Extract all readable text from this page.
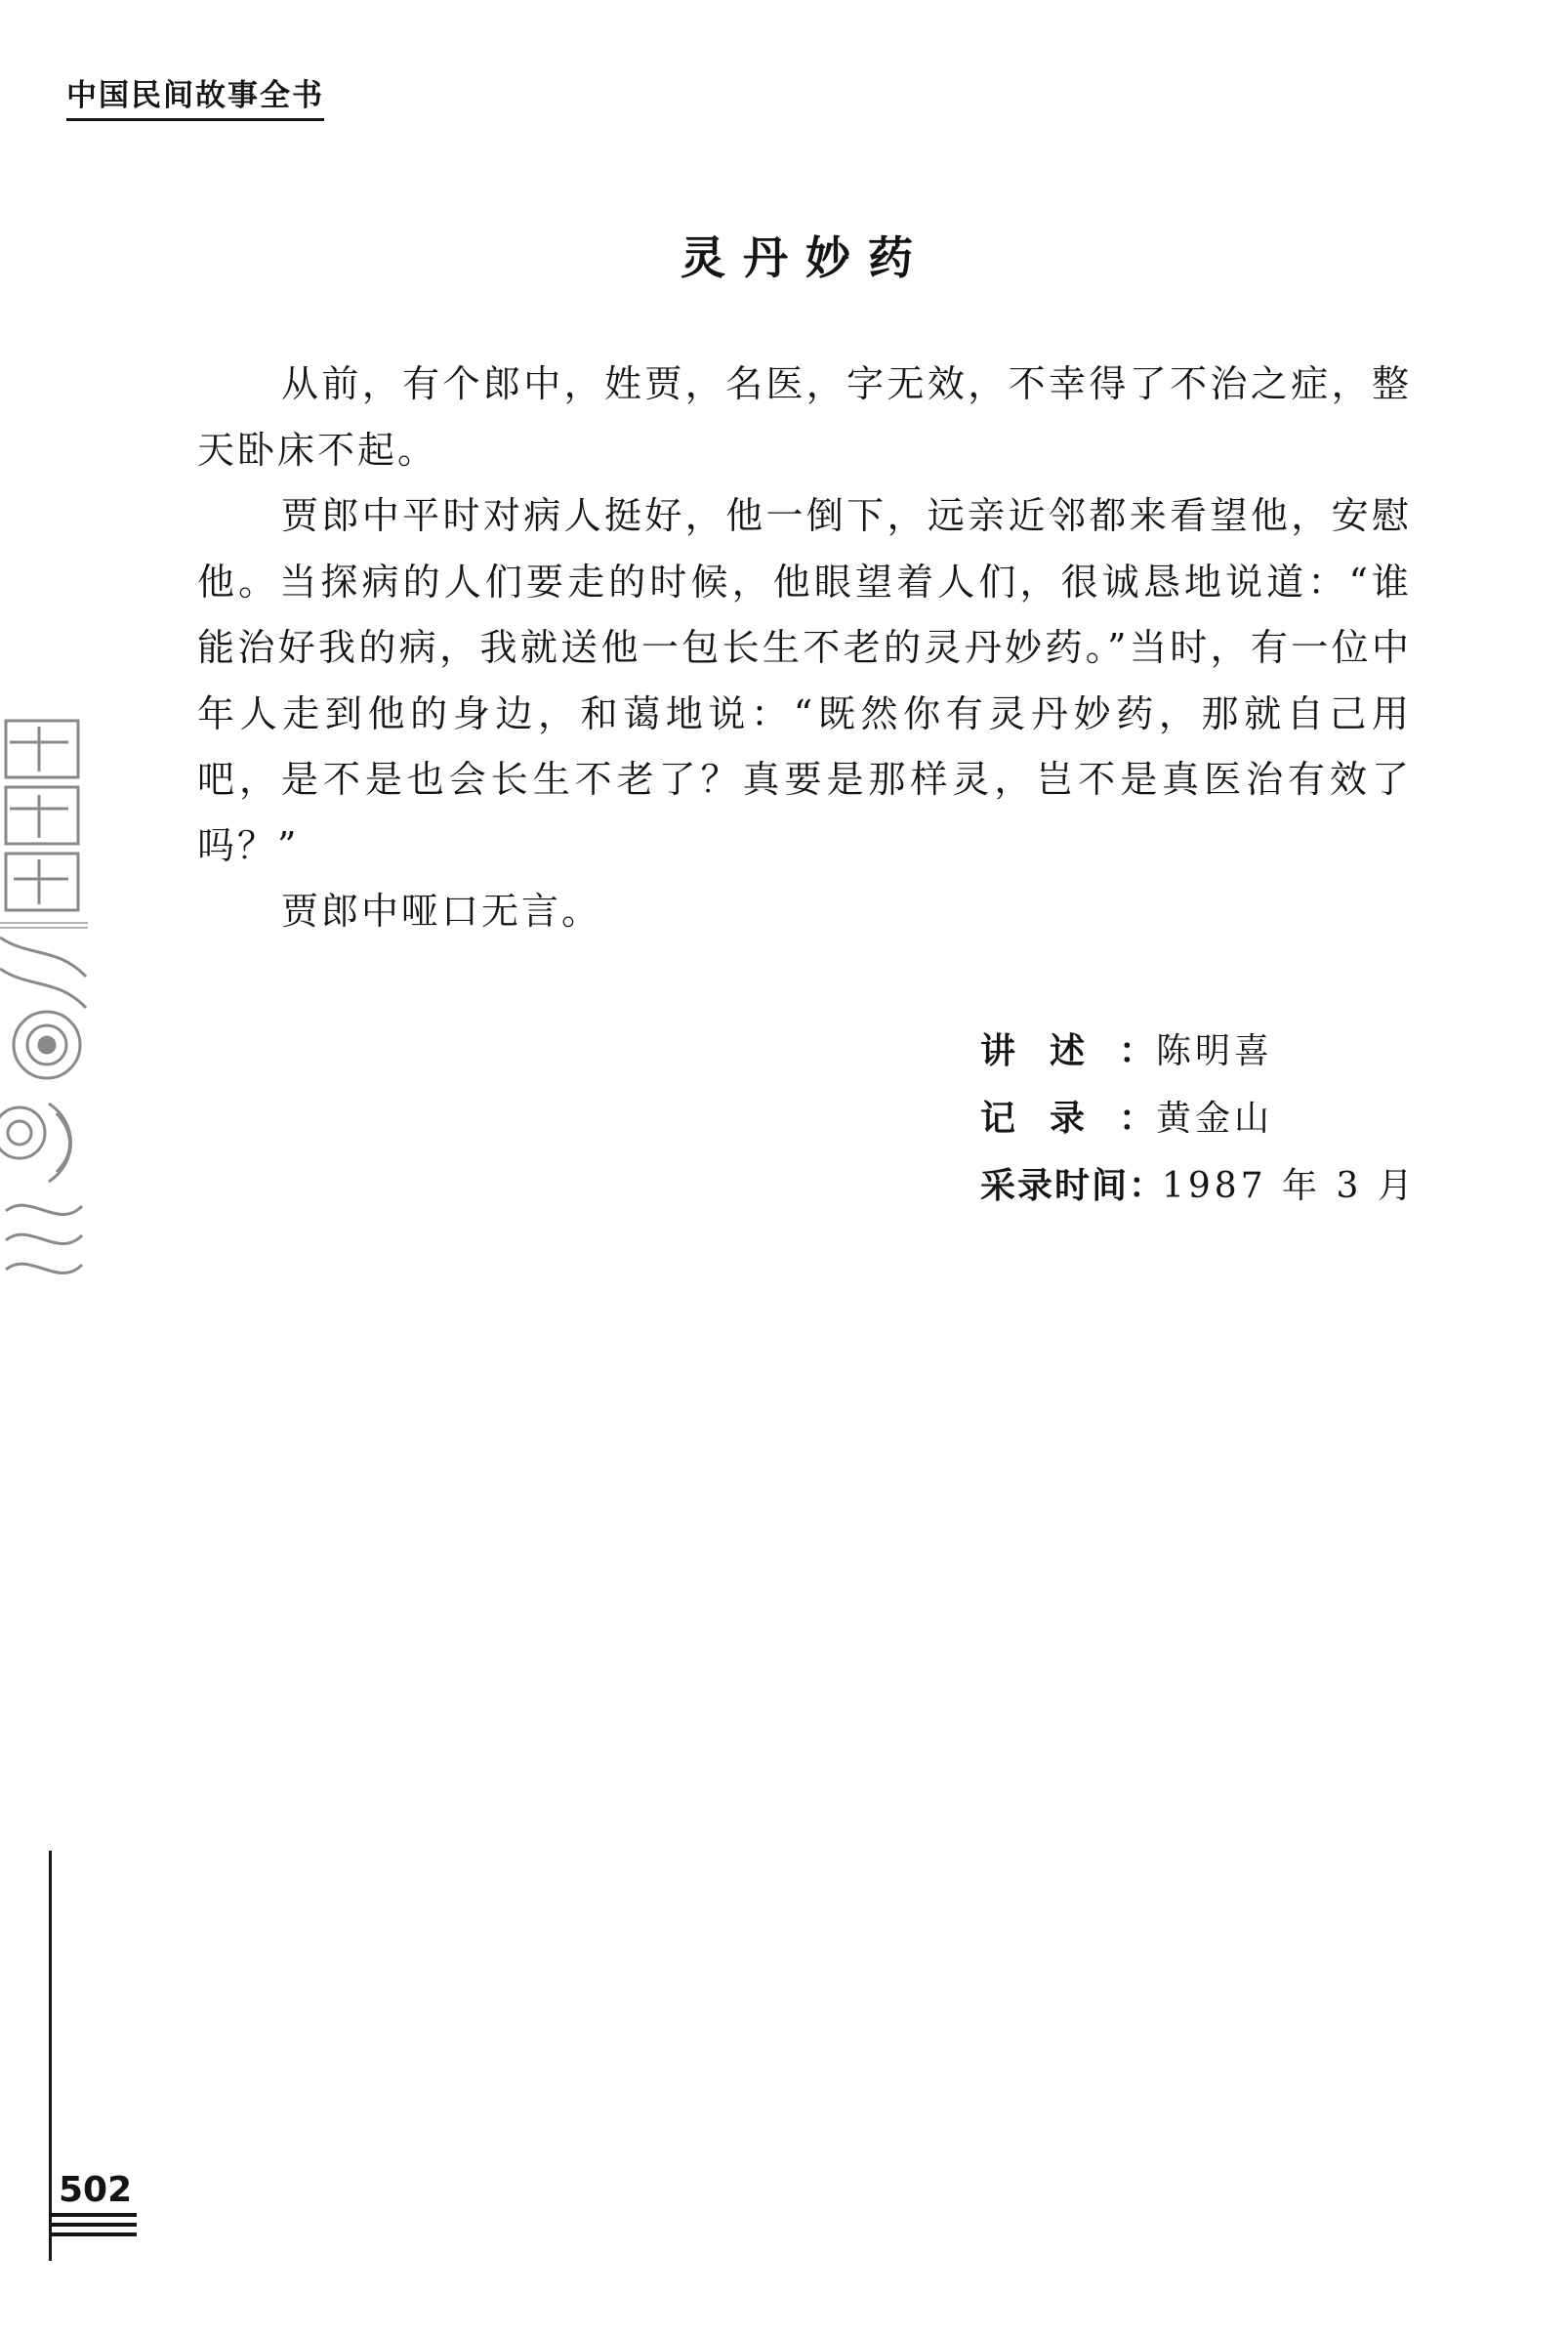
中国民间故事全书
灵丹妙药

从前，有个郎中，姓贾，名医，字无效，不幸得了不治之症，整天卧床不起。

贾郎中平时对病人挺好，他一倒下，远亲近邻都来看望他，安慰他。当探病的人们要走的时候，他眼望着人们，很诚恳地说道：“谁能治好我的病，我就送他一包长生不老的灵丹妙药。”当时，有一位中年人走到他的身边，和蔼地说：“既然你有灵丹妙药，那就自己用吧，是不是也会长生不老了？真要是那样灵，岂不是真医治有效了吗？”

贾郎中哑口无言。

讲述：陈明喜
记录：黄金山
采录时间：1987 年 3 月
502
